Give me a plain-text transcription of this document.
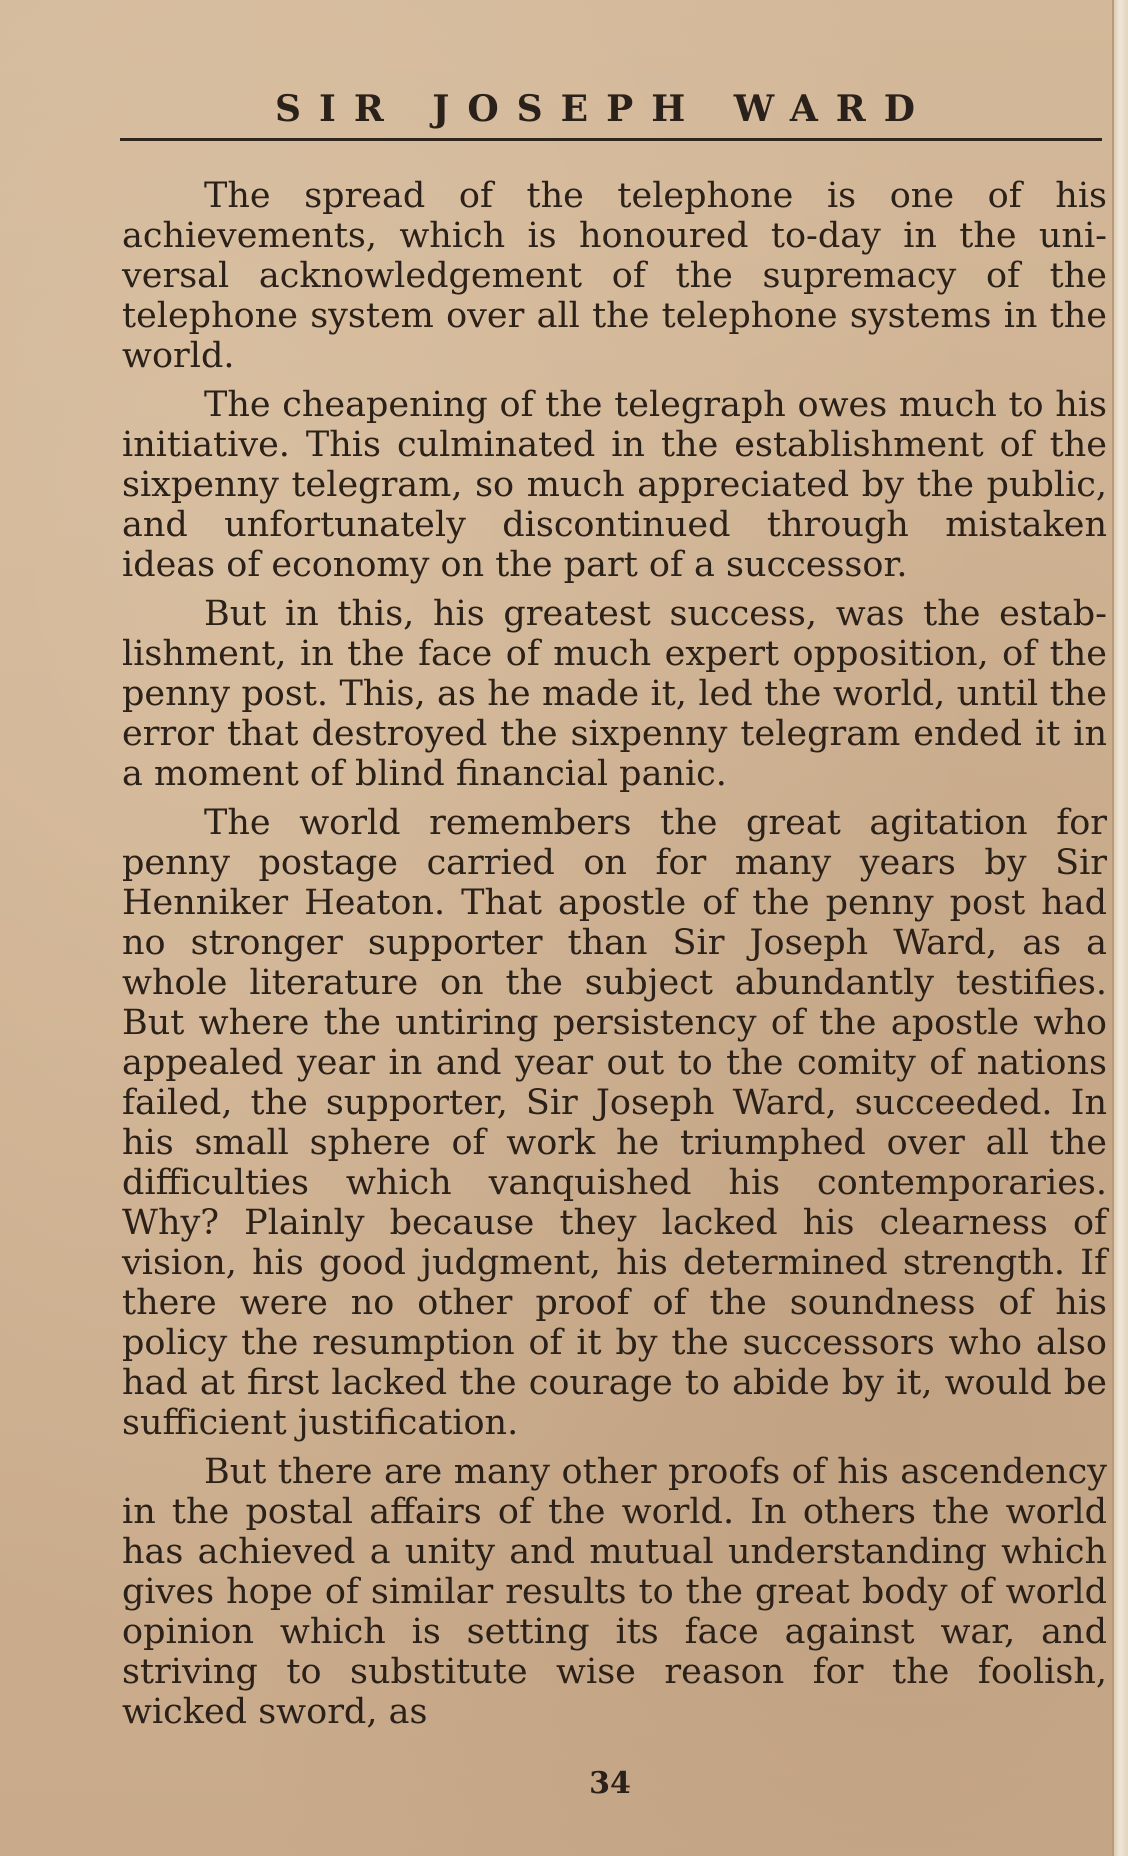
SIR JOSEPH WARD

The spread of the telephone is one of his achievements, which is honoured to-day in the universal acknowledgement of the supremacy of the telephone system over all the telephone systems in the world.

The cheapening of the telegraph owes much to his initiative. This culminated in the establishment of the sixpenny telegram, so much appreciated by the public, and unfortunately discontinued through mistaken ideas of economy on the part of a successor.

But in this, his greatest success, was the establishment, in the face of much expert opposition, of the penny post. This, as he made it, led the world, until the error that destroyed the sixpenny telegram ended it in a moment of blind financial panic.

The world remembers the great agitation for penny postage carried on for many years by Sir Henniker Heaton. That apostle of the penny post had no stronger supporter than Sir Joseph Ward, as a whole literature on the subject abundantly testifies. But where the untiring persistency of the apostle who appealed year in and year out to the comity of nations failed, the supporter, Sir Joseph Ward, succeeded. In his small sphere of work he triumphed over all the difficulties which vanquished his contemporaries. Why? Plainly because they lacked his clearness of vision, his good judgment, his determined strength. If there were no other proof of the soundness of his policy the resumption of it by the successors who also had at first lacked the courage to abide by it, would be sufficient justification.

But there are many other proofs of his ascendency in the postal affairs of the world. In others the world has achieved a unity and mutual understanding which gives hope of similar results to the great body of world opinion which is setting its face against war, and striving to substitute wise reason for the foolish, wicked sword, as

34
